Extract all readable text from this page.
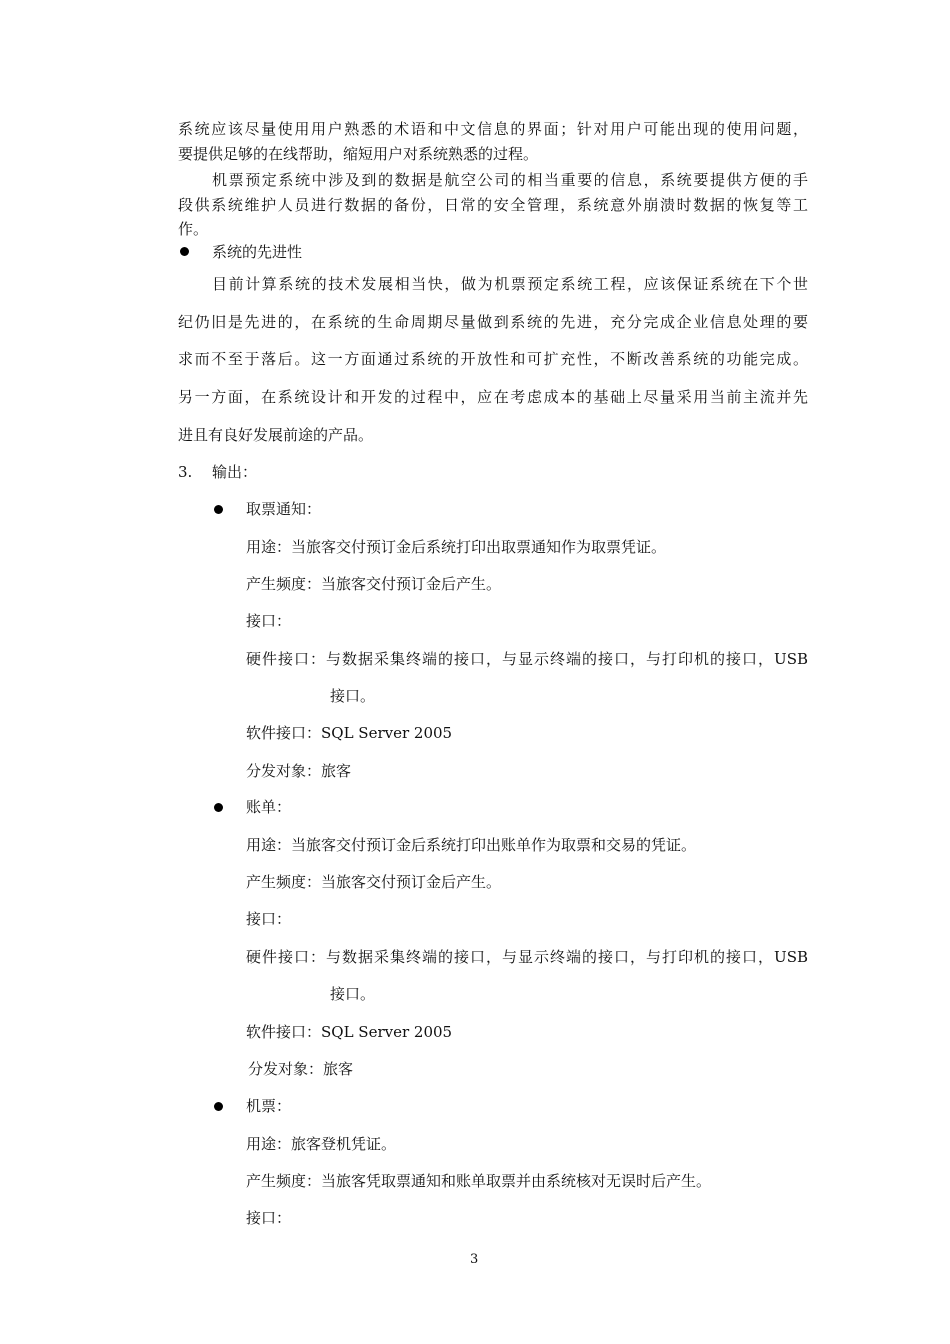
系统应该尽量使用用户熟悉的术语和中文信息的界面；针对用户可能出现的使用问题，
要提供足够的在线帮助，缩短用户对系统熟悉的过程。
机票预定系统中涉及到的数据是航空公司的相当重要的信息，系统要提供方便的手
段供系统维护人员进行数据的备份，日常的安全管理，系统意外崩溃时数据的恢复等工
作。
系统的先进性
目前计算系统的技术发展相当快，做为机票预定系统工程，应该保证系统在下个世
纪仍旧是先进的，在系统的生命周期尽量做到系统的先进，充分完成企业信息处理的要
求而不至于落后。这一方面通过系统的开放性和可扩充性，不断改善系统的功能完成。
另一方面，在系统设计和开发的过程中，应在考虑成本的基础上尽量采用当前主流并先
进且有良好发展前途的产品。
3. 输出：
取票通知：
用途：当旅客交付预订金后系统打印出取票通知作为取票凭证。
产生频度：当旅客交付预订金后产生。
接口：
硬件接口：与数据采集终端的接口，与显示终端的接口，与打印机的接口，USB
接口。
软件接口：SQL Server 2005
分发对象：旅客
账单：
用途：当旅客交付预订金后系统打印出账单作为取票和交易的凭证。
产生频度：当旅客交付预订金后产生。
接口：
硬件接口：与数据采集终端的接口，与显示终端的接口，与打印机的接口，USB
接口。
软件接口：SQL Server 2005
分发对象：旅客
机票：
用途：旅客登机凭证。
产生频度：当旅客凭取票通知和账单取票并由系统核对无误时后产生。
接口：
3
